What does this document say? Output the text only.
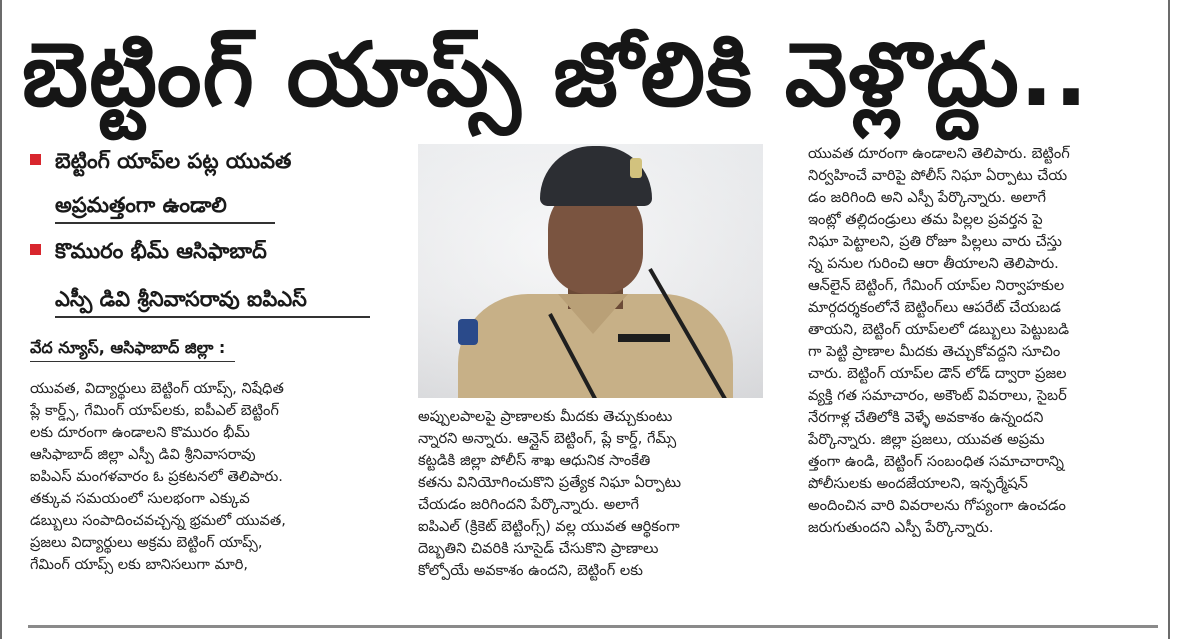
బెట్టింగ్ యాప్స్ జోలికి వెళ్లొద్దు..
బెట్టింగ్ యాప్‌ల పట్ల యువత
అప్రమత్తంగా ఉండాలి
కొమురం భీమ్ ఆసిఫాబాద్
ఎస్పీ డివి శ్రీనివాసరావు ఐపిఎస్
వేద న్యూస్, ఆసిఫాబాద్ జిల్లా :
యువత, విద్యార్థులు బెట్టింగ్ యాప్స్, నిషేధిత
ప్లే కార్డ్స్, గేమింగ్ యాప్‌లకు, ఐపీఎల్ బెట్టింగ్
లకు దూరంగా ఉండాలని కొమురం భీమ్
ఆసిఫాబాద్ జిల్లా ఎస్పీ డివి శ్రీనివాసరావు
ఐపిఎస్ మంగళవారం ఓ ప్రకటనలో తెలిపారు.
తక్కువ సమయంలో సులభంగా ఎక్కువ
డబ్బులు సంపాదించవచ్చన్న భ్రమలో యువత,
ప్రజలు విద్యార్థులు అక్రమ బెట్టింగ్ యాప్స్,
గేమింగ్ యాప్స్ లకు బానిసలుగా మారి,
అప్పులపాలపై ప్రాణాలకు మీదకు తెచ్చుకుంటు
న్నారని అన్నారు. ఆన్లైన్ బెట్టింగ్, ప్లే కార్డ్, గేమ్స్
కట్టడికి జిల్లా పోలీస్ శాఖ ఆధునిక సాంకేతి
కతను వినియోగించుకొని ప్రత్యేక నిఘా ఏర్పాటు
చేయడం జరిగిందని పేర్కొన్నారు. అలాగే
ఐపిఎల్ (క్రికెట్ బెట్టింగ్స్) వల్ల యువత ఆర్థికంగా
దెబ్బతిని చివరికి సూసైడ్ చేసుకొని ప్రాణాలు
కోల్పోయే అవకాశం ఉందని, బెట్టింగ్ లకు
యువత దూరంగా ఉండాలని తెలిపారు. బెట్టింగ్
నిర్వహించే వారిపై పోలీస్ నిఘా ఏర్పాటు చేయ
డం జరిగింది అని ఎస్పీ పేర్కొన్నారు. అలాగే
ఇంట్లో తల్లిదండ్రులు తమ పిల్లల ప్రవర్తన పై
నిఘా పెట్టాలని, ప్రతి రోజూ పిల్లలు వారు చేస్తు
న్న పనుల గురించి ఆరా తీయాలని తెలిపారు.
ఆన్‌లైన్ బెట్టింగ్, గేమింగ్ యాప్‌ల నిర్వాహకుల
మార్గదర్శకంలోనే బెట్టింగ్‌లు ఆపరేట్ చేయబడ
తాయని, బెట్టింగ్ యాప్‌లలో డబ్బులు పెట్టుబడి
గా పెట్టి ప్రాణాల మీదకు తెచ్చుకోవద్దని సూచిం
చారు. బెట్టింగ్ యాప్‌ల డౌన్ లోడ్ ద్వారా ప్రజల
వ్యక్తి గత సమాచారం, అకౌంట్ వివరాలు, సైబర్
నేరగాళ్ల చేతిలోకి వెళ్ళే అవకాశం ఉన్నందని
పేర్కొన్నారు. జిల్లా ప్రజలు, యువత అప్రమ
త్తంగా ఉండి, బెట్టింగ్ సంబంధిత సమాచారాన్ని
పోలీసులకు అందజేయాలని, ఇన్ఫర్మేషన్
అందించిన వారి వివరాలను గోప్యంగా ఉంచడం
జరుగుతుందని ఎస్పీ పేర్కొన్నారు.
